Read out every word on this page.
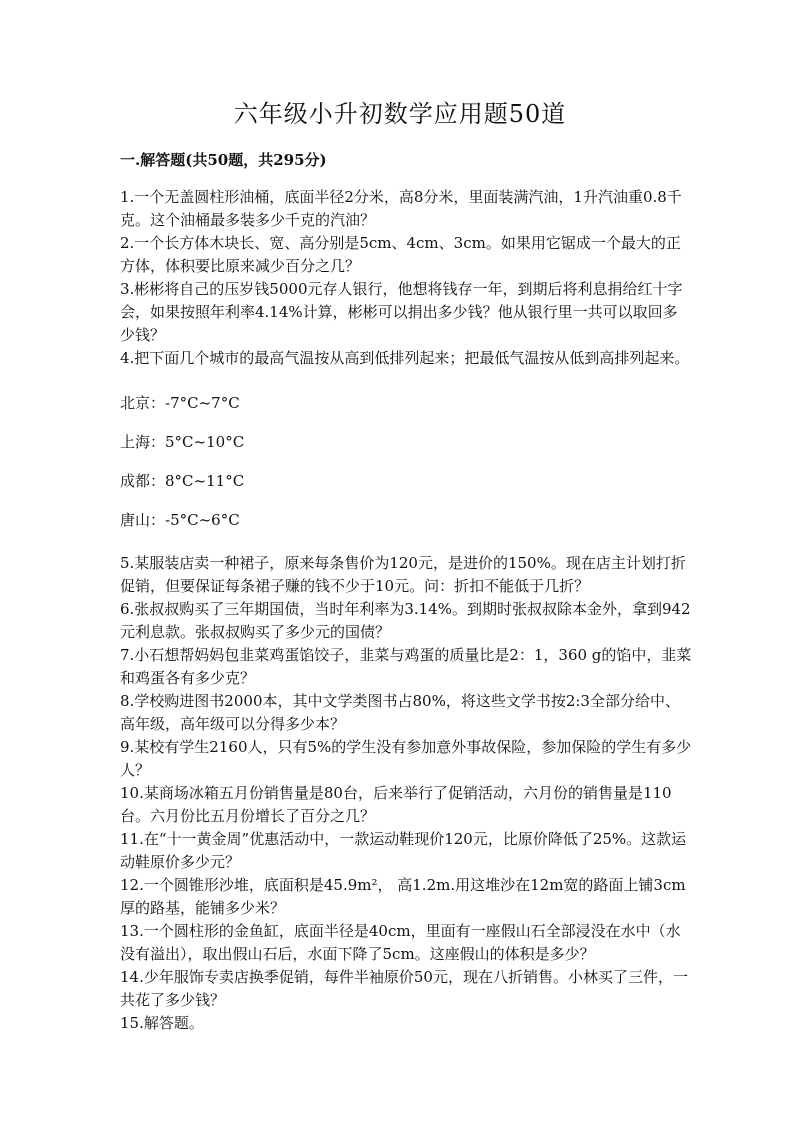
六年级小升初数学应用题50道
一.解答题(共50题，共295分)

1.一个无盖圆柱形油桶，底面半径2分米，高8分米，里面装满汽油，1升汽油重0.8千克。这个油桶最多装多少千克的汽油？

2.一个长方体木块长、宽、高分别是5cm、4cm、3cm。如果用它锯成一个最大的正方体，体积要比原来减少百分之几？

3.彬彬将自己的压岁钱5000元存人银行，他想将钱存一年，到期后将利息捐给红十字会，如果按照年利率4.14%计算，彬彬可以捐出多少钱？他从银行里一共可以取回多少钱？

4.把下面几个城市的最高气温按从高到低排列起来；把最低气温按从低到高排列起来。

北京：-7°C~7°C
上海：5°C~10°C
成都：8°C~11°C
唐山：-5°C~6°C

5.某服装店卖一种裙子，原来每条售价为120元，是进价的150%。现在店主计划打折促销，但要保证每条裙子赚的钱不少于10元。问：折扣不能低于几折？

6.张叔叔购买了三年期国债，当时年利率为3.14%。到期时张叔叔除本金外，拿到942元利息款。张叔叔购买了多少元的国债？

7.小石想帮妈妈包韭菜鸡蛋馅饺子，韭菜与鸡蛋的质量比是2：1，360 g的馅中，韭菜和鸡蛋各有多少克？

8.学校购进图书2000本，其中文学类图书占80%，将这些文学书按2:3全部分给中、高年级，高年级可以分得多少本？

9.某校有学生2160人，只有5%的学生没有参加意外事故保险，参加保险的学生有多少人？

10.某商场冰箱五月份销售量是80台，后来举行了促销活动，六月份的销售量是110台。六月份比五月份增长了百分之几？

11.在“十一黄金周”优惠活动中，一款运动鞋现价120元，比原价降低了25%。这款运动鞋原价多少元？

12.一个圆锥形沙堆，底面积是45.9m²， 高1.2m.用这堆沙在12m宽的路面上铺3cm厚的路基，能铺多少米？

13.一个圆柱形的金鱼缸，底面半径是40cm，里面有一座假山石全部浸没在水中（水没有溢出），取出假山石后，水面下降了5cm。这座假山的体积是多少？

14.少年服饰专卖店换季促销，每件半袖原价50元，现在八折销售。小林买了三件，一共花了多少钱？

15.解答题。
